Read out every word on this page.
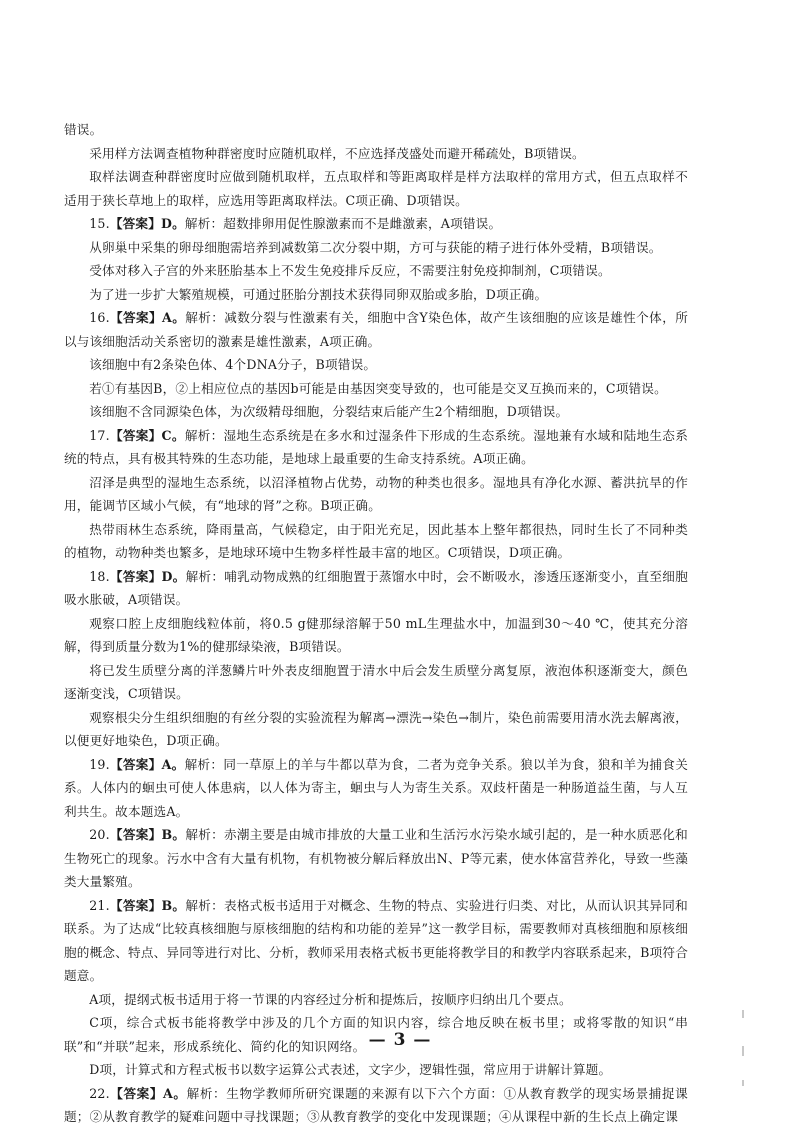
错误。

采用样方法调查植物种群密度时应随机取样，不应选择茂盛处而避开稀疏处，B项错误。

取样法调查种群密度时应做到随机取样，五点取样和等距离取样是样方法取样的常用方式，但五点取样不适用于狭长草地上的取样，应选用等距离取样法。C项正确、D项错误。

15.【答案】D。解析：超数排卵用促性腺激素而不是雌激素，A项错误。

从卵巢中采集的卵母细胞需培养到减数第二次分裂中期，方可与获能的精子进行体外受精，B项错误。

受体对移入子宫的外来胚胎基本上不发生免疫排斥反应，不需要注射免疫抑制剂，C项错误。

为了进一步扩大繁殖规模，可通过胚胎分割技术获得同卵双胎或多胎，D项正确。

16.【答案】A。解析：减数分裂与性激素有关，细胞中含Y染色体，故产生该细胞的应该是雄性个体，所以与该细胞活动关系密切的激素是雄性激素，A项正确。

该细胞中有2条染色体、4个DNA分子，B项错误。

若①有基因B，②上相应位点的基因b可能是由基因突变导致的，也可能是交叉互换而来的，C项错误。

该细胞不含同源染色体，为次级精母细胞，分裂结束后能产生2个精细胞，D项错误。

17.【答案】C。解析：湿地生态系统是在多水和过湿条件下形成的生态系统。湿地兼有水域和陆地生态系统的特点，具有极其特殊的生态功能，是地球上最重要的生命支持系统。A项正确。

沼泽是典型的湿地生态系统，以沼泽植物占优势，动物的种类也很多。湿地具有净化水源、蓄洪抗旱的作用，能调节区域小气候，有“地球的肾”之称。B项正确。

热带雨林生态系统，降雨量高，气候稳定，由于阳光充足，因此基本上整年都很热，同时生长了不同种类的植物，动物种类也繁多，是地球环境中生物多样性最丰富的地区。C项错误，D项正确。

18.【答案】D。解析：哺乳动物成熟的红细胞置于蒸馏水中时，会不断吸水，渗透压逐渐变小，直至细胞吸水胀破，A项错误。

观察口腔上皮细胞线粒体前，将0.5 g健那绿溶解于50 mL生理盐水中，加温到30～40 ℃，使其充分溶解，得到质量分数为1%的健那绿染液，B项错误。

将已发生质壁分离的洋葱鳞片叶外表皮细胞置于清水中后会发生质壁分离复原，液泡体积逐渐变大，颜色逐渐变浅，C项错误。

观察根尖分生组织细胞的有丝分裂的实验流程为解离→漂洗→染色→制片，染色前需要用清水洗去解离液，以便更好地染色，D项正确。

19.【答案】A。解析：同一草原上的羊与牛都以草为食，二者为竞争关系。狼以羊为食，狼和羊为捕食关系。人体内的蛔虫可使人体患病，以人体为寄主，蛔虫与人为寄生关系。双歧杆菌是一种肠道益生菌，与人互利共生。故本题选A。

20.【答案】B。解析：赤潮主要是由城市排放的大量工业和生活污水污染水域引起的，是一种水质恶化和生物死亡的现象。污水中含有大量有机物，有机物被分解后释放出N、P等元素，使水体富营养化，导致一些藻类大量繁殖。

21.【答案】B。解析：表格式板书适用于对概念、生物的特点、实验进行归类、对比，从而认识其异同和联系。为了达成“比较真核细胞与原核细胞的结构和功能的差异”这一教学目标，需要教师对真核细胞和原核细胞的概念、特点、异同等进行对比、分析，教师采用表格式板书更能将教学目的和教学内容联系起来，B项符合题意。

A项，提纲式板书适用于将一节课的内容经过分析和提炼后，按顺序归纳出几个要点。

C项，综合式板书能将教学中涉及的几个方面的知识内容，综合地反映在板书里；或将零散的知识“串联”和“并联”起来，形成系统化、简约化的知识网络。

D项，计算式和方程式板书以数字运算公式表述，文字少，逻辑性强，常应用于讲解计算题。

22.【答案】A。解析：生物学教师所研究课题的来源有以下六个方面：①从教育教学的现实场景捕捉课题；②从教育教学的疑难问题中寻找课题；③从教育教学的变化中发现课题；④从课程中新的生长点上确定课

— 3 —
